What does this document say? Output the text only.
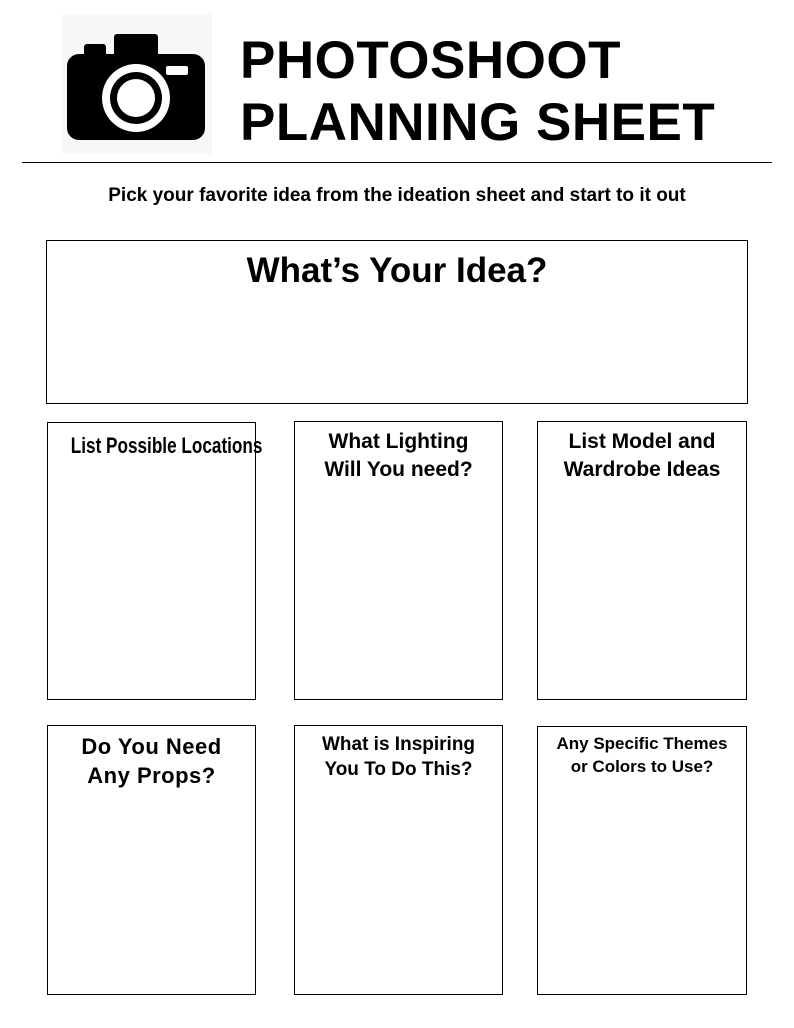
PHOTOSHOOT
PLANNING SHEET
Pick your favorite idea from the ideation sheet and start to it out
What’s Your Idea?
List Possible Locations	What Lighting
Will You need?
List Model and
Wardrobe Ideas
Do You Need
Any Props?
What is Inspiring
You To Do This?
Any Specific Themes
or Colors to Use?
